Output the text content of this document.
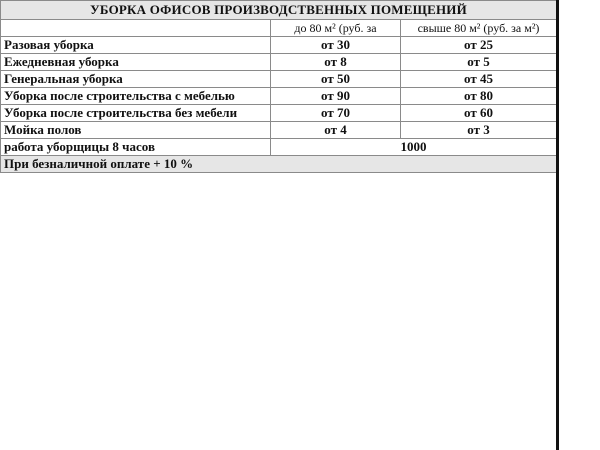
УБОРКА ОФИСОВ ПРОИЗВОДСТВЕННЫХ ПОМЕЩЕНИЙ		
	до 80 м² (руб. за	свыше 80 м² (руб. за м²)
Разовая уборка	от 30	от 25
Ежедневная уборка	от 8	от 5
Генеральная уборка	от 50	от 45
Уборка после строительства с мебелью	от 90	от 80
Уборка после строительства без мебели	от 70	от 60
Мойка полов	от 4	от 3
работа уборщицы 8 часов	1000	
При безналичной оплате + 10 %		
